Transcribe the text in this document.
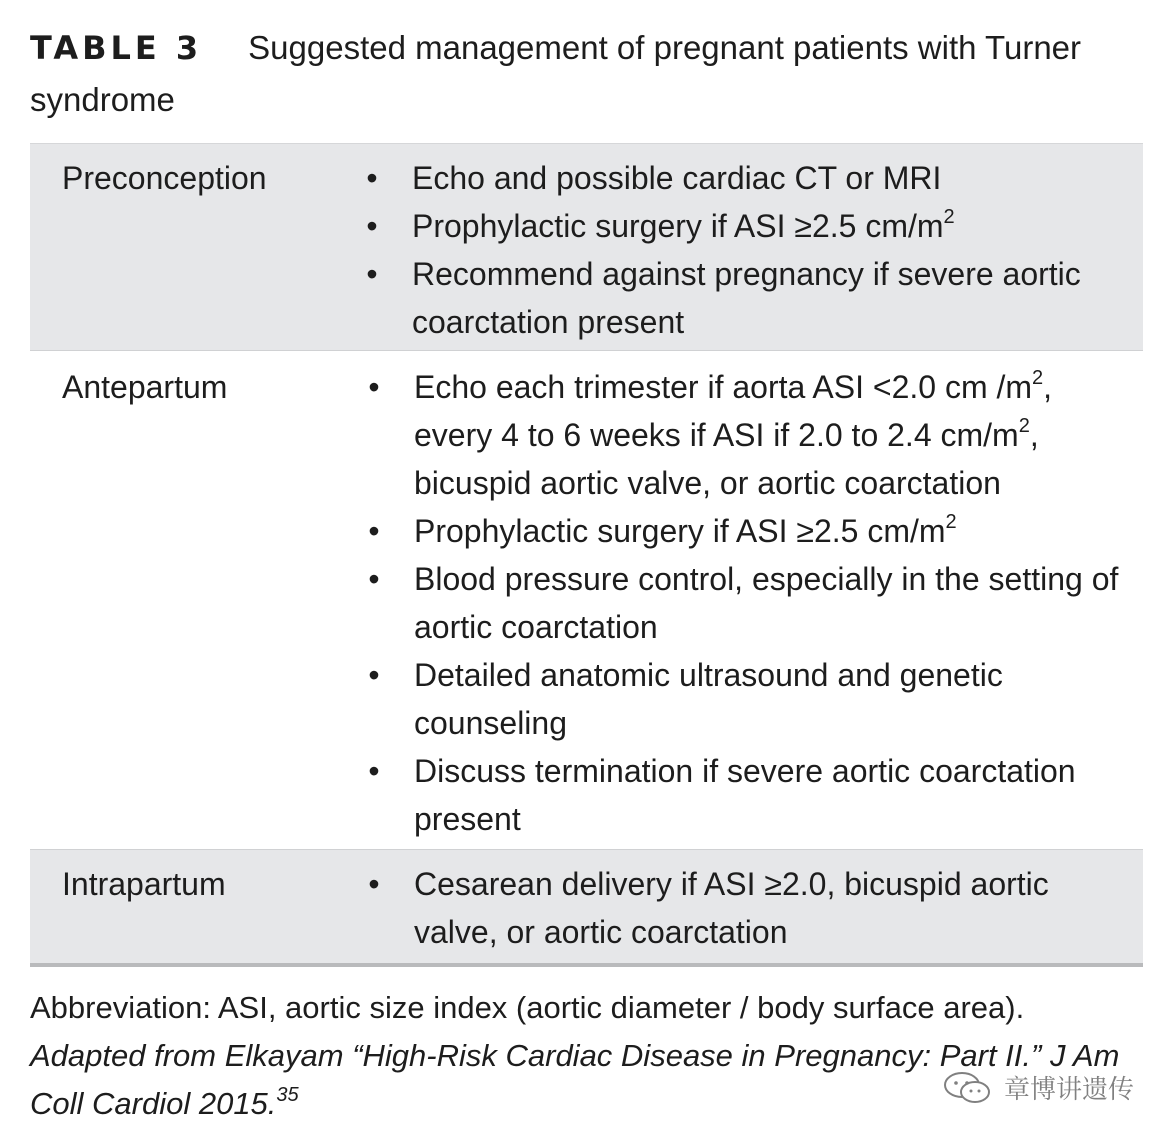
TABLE 3 Suggested management of pregnant patients with Turner syndrome
Preconception	• Echo and possible cardiac CT or MRI
• Prophylactic surgery if ASI ≥2.5 $cm/m^2$
• Recommend against pregnancy if severe aortic coarctation present
Antepartum	• Echo each trimester if aorta ASI <2.0 cm $/m^2$, every 4 to 6 weeks if ASI if 2.0 to 2.4 $cm/m^2$, bicuspid aortic valve, or aortic coarctation
• Prophylactic surgery if ASI ≥2.5 $cm/m^2$
• Blood pressure control, especially in the setting of aortic coarctation
• Detailed anatomic ultrasound and genetic counseling
• Discuss termination if severe aortic coarctation present
Intrapartum	• Cesarean delivery if ASI ≥2.0, bicuspid aortic valve, or aortic coarctation
Abbreviation: ASI, aortic size index (aortic diameter / body surface area).
Adapted from Elkayam “High-Risk Cardiac Disease in Pregnancy: Part II.” J Am Coll Cardiol 2015.35	章博讲遗传
